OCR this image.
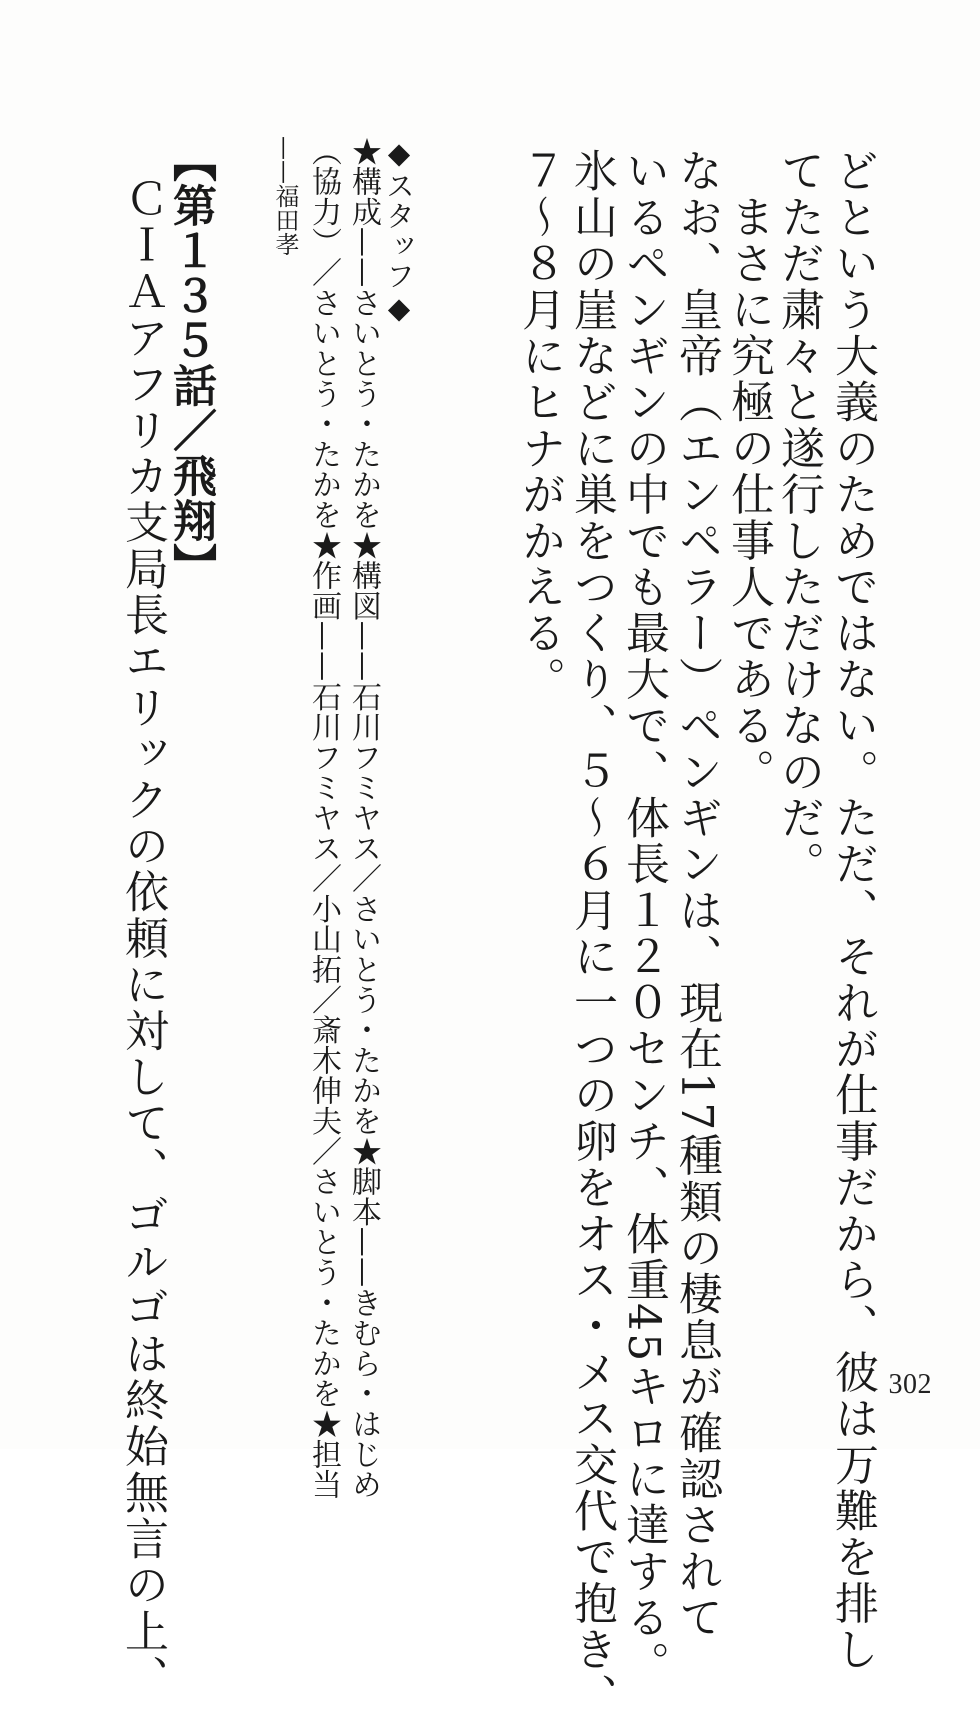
どという大義のためではない。ただ、それが仕事だから、彼は万難を排し
てただ粛々と遂行しただけなのだ。
まさに究極の仕事人である。
なお、皇帝（エンペラー）ペンギンは、現在17種類の棲息が確認されて
いるペンギンの中でも最大で、体長１２０センチ、体重45キロに達する。
氷山の崖などに巣をつくり、５〜６月に一つの卵をオス・メス交代で抱き、
７〜８月にヒナがかえる。
◆スタッフ◆
★構成——さいとう・たかを★構図——石川フミヤス／さいとう・たかを★脚本——きむら・はじめ
（協力）／さいとう・たかを★作画——石川フミヤス／小山拓／斎木伸夫／さいとう・たかを★担当
——福田孝
【第１３５話／飛翔】
ＣＩＡアフリカ支局長エリックの依頼に対して、ゴルゴは終始無言の上、	302
